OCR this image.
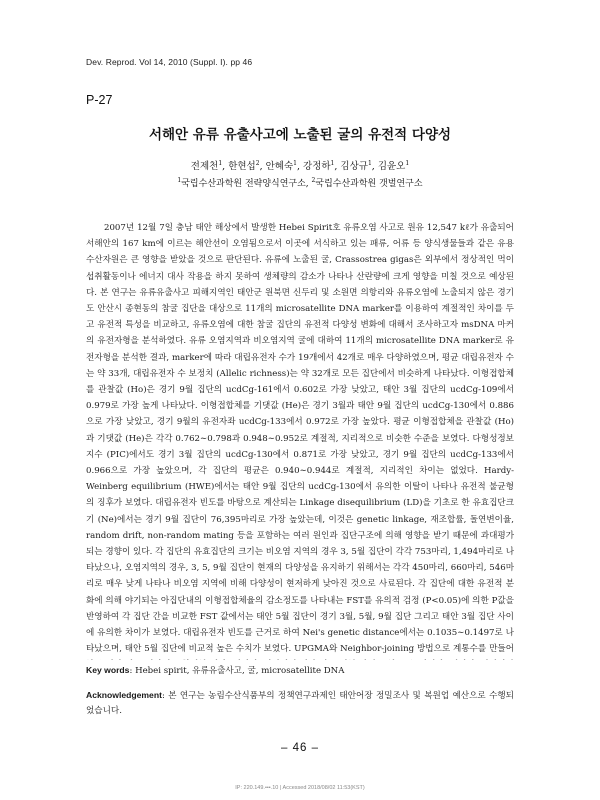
Dev. Reprod. Vol 14, 2010 (Suppl. I). pp 46
P-27
서해안 유류 유출사고에 노출된 굴의 유전적 다양성
전제천$^1$, 한현섭$^2$, 안혜숙$^1$, 강정하$^1$, 김상규$^1$, 김윤오$^1$
$^1$국립수산과학원 전략양식연구소, $^2$국립수산과학원 갯벌연구소

2007년 12월 7일 충남 태안 해상에서 발생한 Hebei Spirit호 유류오염 사고로 원유 12,547 kℓ가 유출되어 서해안의 167 km에 이르는 해안선이 오염됨으로서 이곳에 서식하고 있는 패류, 어류 등 양식생물들과 같은 유용 수산자원은 큰 영향을 받았을 것으로 판단된다. 유류에 노출된 굴, Crassostrea gigas은 외부에서 정상적인 먹이 섭취활동이나 에너지 대사 작용을 하지 못하여 생체량의 감소가 나타나 산란량에 크게 영향을 미칠 것으로 예상된다. 본 연구는 유류유출사고 피해지역인 태안군 원북면 신두리 및 소원면 의항리와 유류오염에 노출되지 않은 경기도 안산시 종현동의 참굴 집단을 대상으로 11개의 microsatellite DNA marker를 이용하여 계절적인 차이를 두고 유전적 특성을 비교하고, 유류오염에 대한 참굴 집단의 유전적 다양성 변화에 대해서 조사하고자 msDNA 마커의 유전자형을 분석하였다. 유류 오염지역과 비오염지역 굴에 대하여 11개의 microsatellite DNA marker로 유전자형을 분석한 결과, marker에 따라 대립유전자 수가 19개에서 42개로 매우 다양하였으며, 평균 대립유전자 수는 약 33개, 대립유전자 수 보정치 (Allelic richness)는 약 32개로 모든 집단에서 비슷하게 나타났다. 이형접합체를 관찰값 (Ho)은 경기 9월 집단의 ucdCg-161에서 0.602로 가장 낮았고, 태안 3월 집단의 ucdCg-109에서 0.979로 가장 높게 나타났다. 이형접합체를 기댓값 (He)은 경기 3월과 태안 9월 집단의 ucdCg-130에서 0.886으로 가장 낮았고, 경기 9월의 유전자좌 ucdCg-133에서 0.972로 가장 높았다. 평균 이형접합체을 관찰값 (Ho)과 기댓값 (He)은 각각 0.762∼0.798과 0.948∼0.952로 계절적, 지리적으로 비슷한 수준을 보였다. 다형성정보지수 (PIC)에서도 경기 3월 집단의 ucdCg-130에서 0.871로 가장 낮았고, 경기 9월 집단의 ucdCg-133에서 0.966으로 가장 높았으며, 각 집단의 평균은 0.940∼0.944로 계절적, 지리적인 차이는 없었다. Hardy-Weinberg equilibrium (HWE)에서는 태안 9월 집단의 ucdCg-130에서 유의한 이탈이 나타나 유전적 불균형의 징후가 보였다. 대립유전자 빈도를 바탕으로 계산되는 Linkage disequilibrium (LD)을 기초로 한 유효집단크기 (Ne)에서는 경기 9월 집단이 76,395마리로 가장 높았는데, 이것은 genetic linkage, 재조합률, 돌연변이율, random drift, non-random mating 등을 포함하는 여러 원인과 집단구조에 의해 영향을 받기 때문에 과대평가되는 경향이 있다. 각 집단의 유효집단의 크기는 비오염 지역의 경우 3, 5월 집단이 각각 753마리, 1,494마리로 나타났으나, 오염지역의 경우, 3, 5, 9월 집단이 현재의 다양성을 유지하기 위해서는 각각 450마리, 660마리, 546마리로 매우 낮게 나타나 비오염 지역에 비해 다양성이 현저하게 낮아진 것으로 사료된다. 각 집단에 대한 유전적 분화에 의해 야기되는 아집단내의 이형접합체율의 감소정도를 나타내는 FST를 유의적 검정 (P<0.05)에 의한 P값을 반영하여 각 집단 간을 비교한 FST 값에서는 태안 5월 집단이 경기 3월, 5월, 9월 집단 그리고 태안 3월 집단 사이에 유의한 차이가 보였다. 대립유전자 빈도를 근거로 하여 Nei's genetic distance에서는 0.1035∼0.1497로 나타났으며, 태안 5월 집단에 비교적 높은 수치가 보였다. UPGMA와 Neighbor-joining 방법으로 계통수를 만들어

Key words: Hebei spirit, 유류유출사고, 굴, microsatellite DNA

Acknowledgement: 본 연구는 농림수산식품부의 정책연구과제인 태안어장 정밀조사 및 복원업 예산으로 수행되었습니다.

– 46 –
IP: 220.149.•••.10 | Accessed 2018/08/02 11:53(KST)
